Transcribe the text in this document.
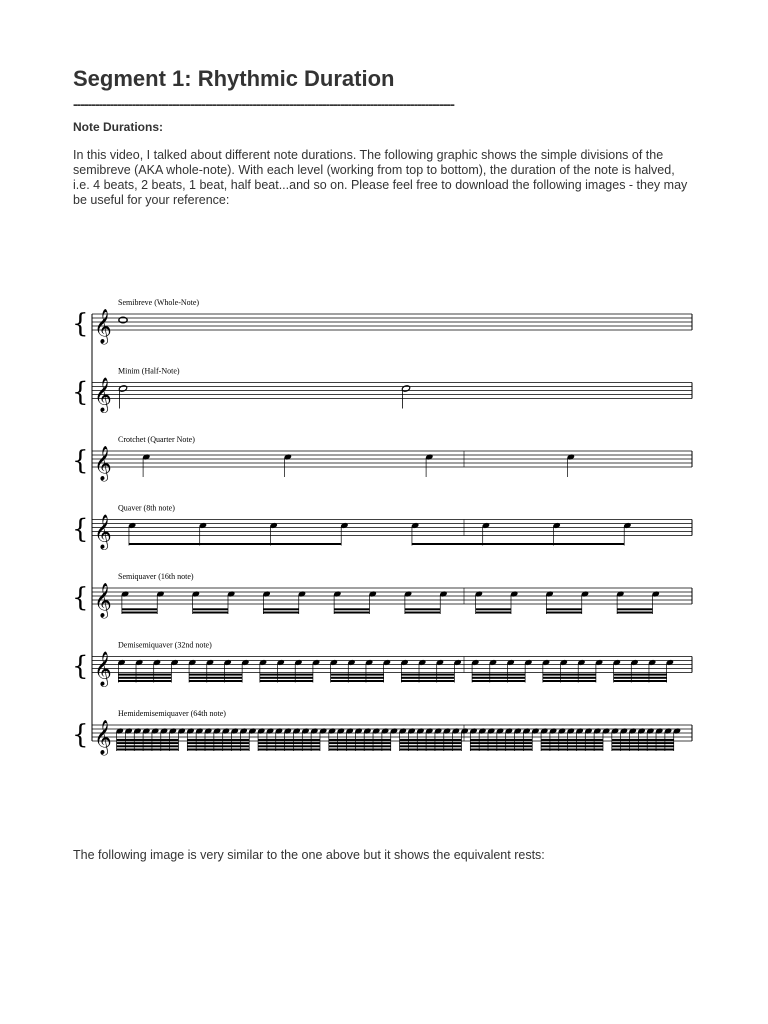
Segment 1: Rhythmic Duration
--------------------------------------------------------------------------------------------------------
Note Durations:

In this video, I talked about different note durations. The following graphic shows the simple divisions of the semibreve (AKA whole-note). With each level (working from top to bottom), the duration of the note is halved, i.e. 4 beats, 2 beats, 1 beat, half beat...and so on. Please feel free to download the following images - they may be useful for your reference:

Semibreve (Whole-Note)
{ 𝄞
Minim (Half-Note)
{ 𝄞
Crotchet (Quarter Note)
{ 𝄞
Quaver (8th note)
{ 𝄞
Semiquaver (16th note)
{ 𝄞
Demisemiquaver (32nd note)
{ 𝄞
Hemidemisemiquaver (64th note)
{ 𝄞

The following image is very similar to the one above but it shows the equivalent rests:
